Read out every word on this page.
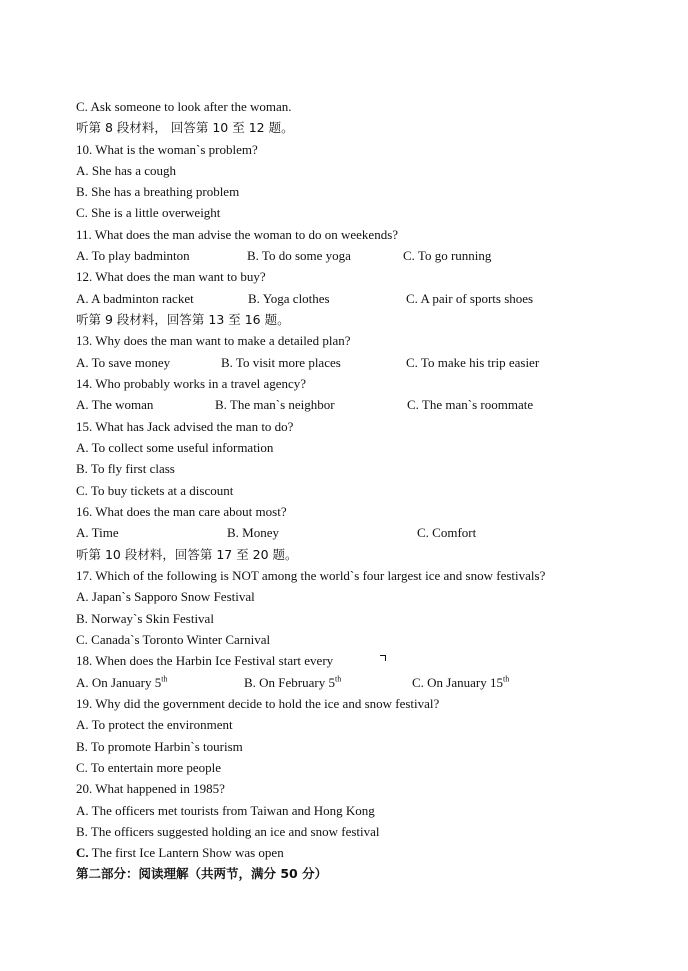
C. Ask someone to look after the woman.
听第 8 段材料， 回答第 10 至 12 题。
10. What is the woman`s problem?
A. She has a cough
B. She has a breathing problem
C. She is a little overweight
11. What does the man advise the woman to do on weekends?
A. To play badminton	B. To do some yoga	C. To go running
12. What does the man want to buy?
A. A badminton racket	B. Yoga clothes	C. A pair of sports shoes
听第 9 段材料，回答第 13 至 16 题。
13. Why does the man want to make a detailed plan?
A. To save money	B. To visit more places	C. To make his trip easier
14. Who probably works in a travel agency?
A. The woman	B. The man`s neighbor	C. The man`s roommate
15. What has Jack advised the man to do?
A. To collect some useful information
B. To fly first class
C. To buy tickets at a discount
16. What does the man care about most?
A. Time	B. Money	C. Comfort
听第 10 段材料，回答第 17 至 20 题。
17. Which of the following is NOT among the world`s four largest ice and snow festivals?
A. Japan`s Sapporo Snow Festival
B. Norway`s Skin Festival
C. Canada`s Toronto Winter Carnival
18. When does the Harbin Ice Festival start every
A. On January 5th	B. On February 5th	C. On January 15th
19. Why did the government decide to hold the ice and snow festival?
A. To protect the environment
B. To promote Harbin`s tourism
C. To entertain more people
20. What happened in 1985?
A. The officers met tourists from Taiwan and Hong Kong
B. The officers suggested holding an ice and snow festival
C. The first Ice Lantern Show was open
第二部分：阅读理解（共两节，满分 50 分）
